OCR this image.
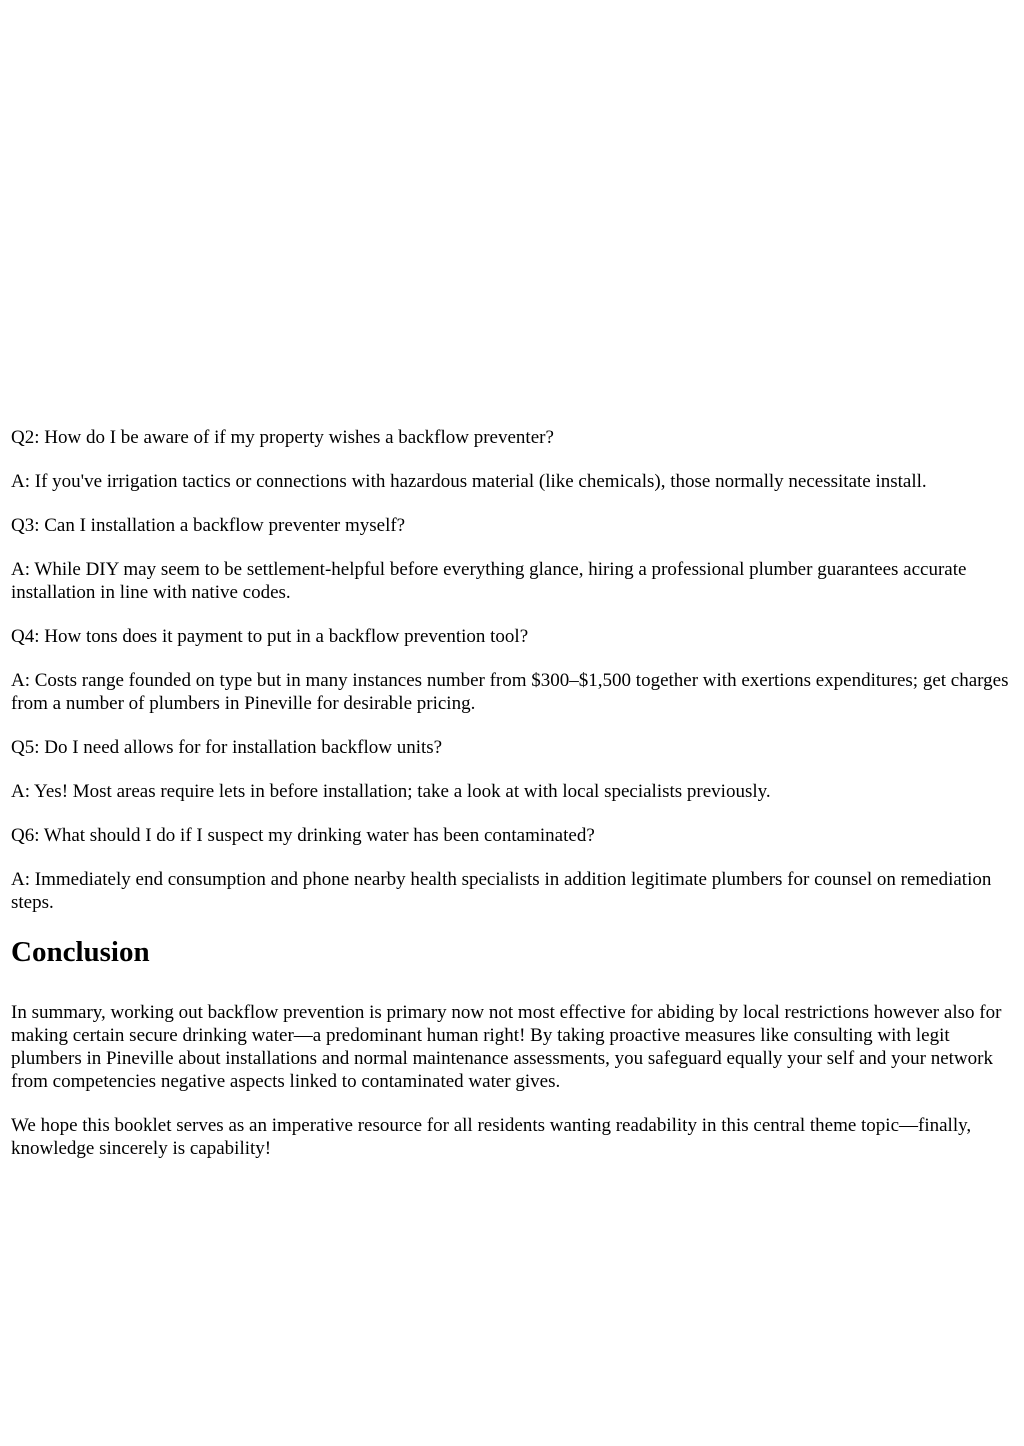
Q2: How do I be aware of if my property wishes a backflow preventer?

A: If you've irrigation tactics or connections with hazardous material (like chemicals), those normally necessitate install.

Q3: Can I installation a backflow preventer myself?

A: While DIY may seem to be settlement-helpful before everything glance, hiring a professional plumber guarantees accurate installation in line with native codes.

Q4: How tons does it payment to put in a backflow prevention tool?

A: Costs range founded on type but in many instances number from $300–$1,500 together with exertions expenditures; get charges from a number of plumbers in Pineville for desirable pricing.

Q5: Do I need allows for for installation backflow units?

A: Yes! Most areas require lets in before installation; take a look at with local specialists previously.

Q6: What should I do if I suspect my drinking water has been contaminated?

A: Immediately end consumption and phone nearby health specialists in addition legitimate plumbers for counsel on remediation steps.

Conclusion

In summary, working out backflow prevention is primary now not most effective for abiding by local restrictions however also for making certain secure drinking water—a predominant human right! By taking proactive measures like consulting with legit plumbers in Pineville about installations and normal maintenance assessments, you safeguard equally your self and your network from competencies negative aspects linked to contaminated water gives.

We hope this booklet serves as an imperative resource for all residents wanting readability in this central theme topic—finally, knowledge sincerely is capability!
